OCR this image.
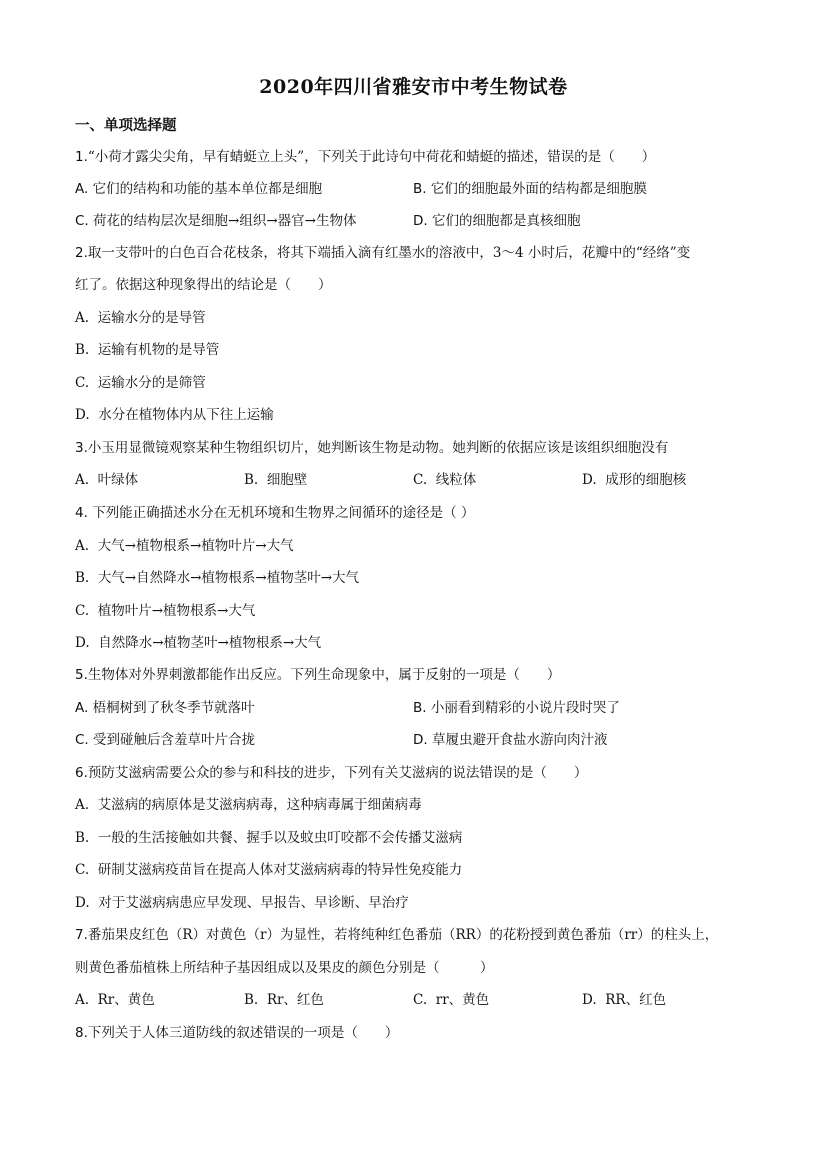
2020年四川省雅安市中考生物试卷
一、单项选择题
1.“小荷才露尖尖角，早有蜻蜓立上头”，下列关于此诗句中荷花和蜻蜓的描述，错误的是（　　）
A. 它们的结构和功能的基本单位都是细胞	B. 它们的细胞最外面的结构都是细胞膜
C. 荷花的结构层次是细胞→组织→器官→生物体	D. 它们的细胞都是真核细胞
2.取一支带叶的白色百合花枝条，将其下端插入滴有红墨水的溶液中，3～4 小时后，花瓣中的“经络”变
红了。依据这种现象得出的结论是（　　）
A. 运输水分的是导管
B. 运输有机物的是导管
C. 运输水分的是筛管
D. 水分在植物体内从下往上运输
3.小玉用显微镜观察某种生物组织切片，她判断该生物是动物。她判断的依据应该是该组织细胞没有
A. 叶绿体	B. 细胞壁	C. 线粒体	D. 成形的细胞核
4. 下列能正确描述水分在无机环境和生物界之间循环的途径是（ ）
A. 大气→植物根系→植物叶片→大气
B. 大气→自然降水→植物根系→植物茎叶→大气
C. 植物叶片→植物根系→大气
D. 自然降水→植物茎叶→植物根系→大气
5.生物体对外界刺激都能作出反应。下列生命现象中，属于反射的一项是（　　）
A. 梧桐树到了秋冬季节就落叶	B. 小丽看到精彩的小说片段时哭了
C. 受到碰触后含羞草叶片合拢	D. 草履虫避开食盐水游向肉汁液
6.预防艾滋病需要公众的参与和科技的进步，下列有关艾滋病的说法错误的是（　　）
A. 艾滋病的病原体是艾滋病病毒，这种病毒属于细菌病毒
B. 一般的生活接触如共餐、握手以及蚊虫叮咬都不会传播艾滋病
C. 研制艾滋病疫苗旨在提高人体对艾滋病病毒的特异性免疫能力
D. 对于艾滋病病患应早发现、早报告、早诊断、早治疗
7.番茄果皮红色（R）对黄色（r）为显性，若将纯种红色番茄（RR）的花粉授到黄色番茄（rr）的柱头上，
则黄色番茄植株上所结种子基因组成以及果皮的颜色分别是（　　　）
A. Rr、黄色	B. Rr、红色	C. rr、黄色	D. RR、红色
8.下列关于人体三道防线的叙述错误的一项是（　　）
